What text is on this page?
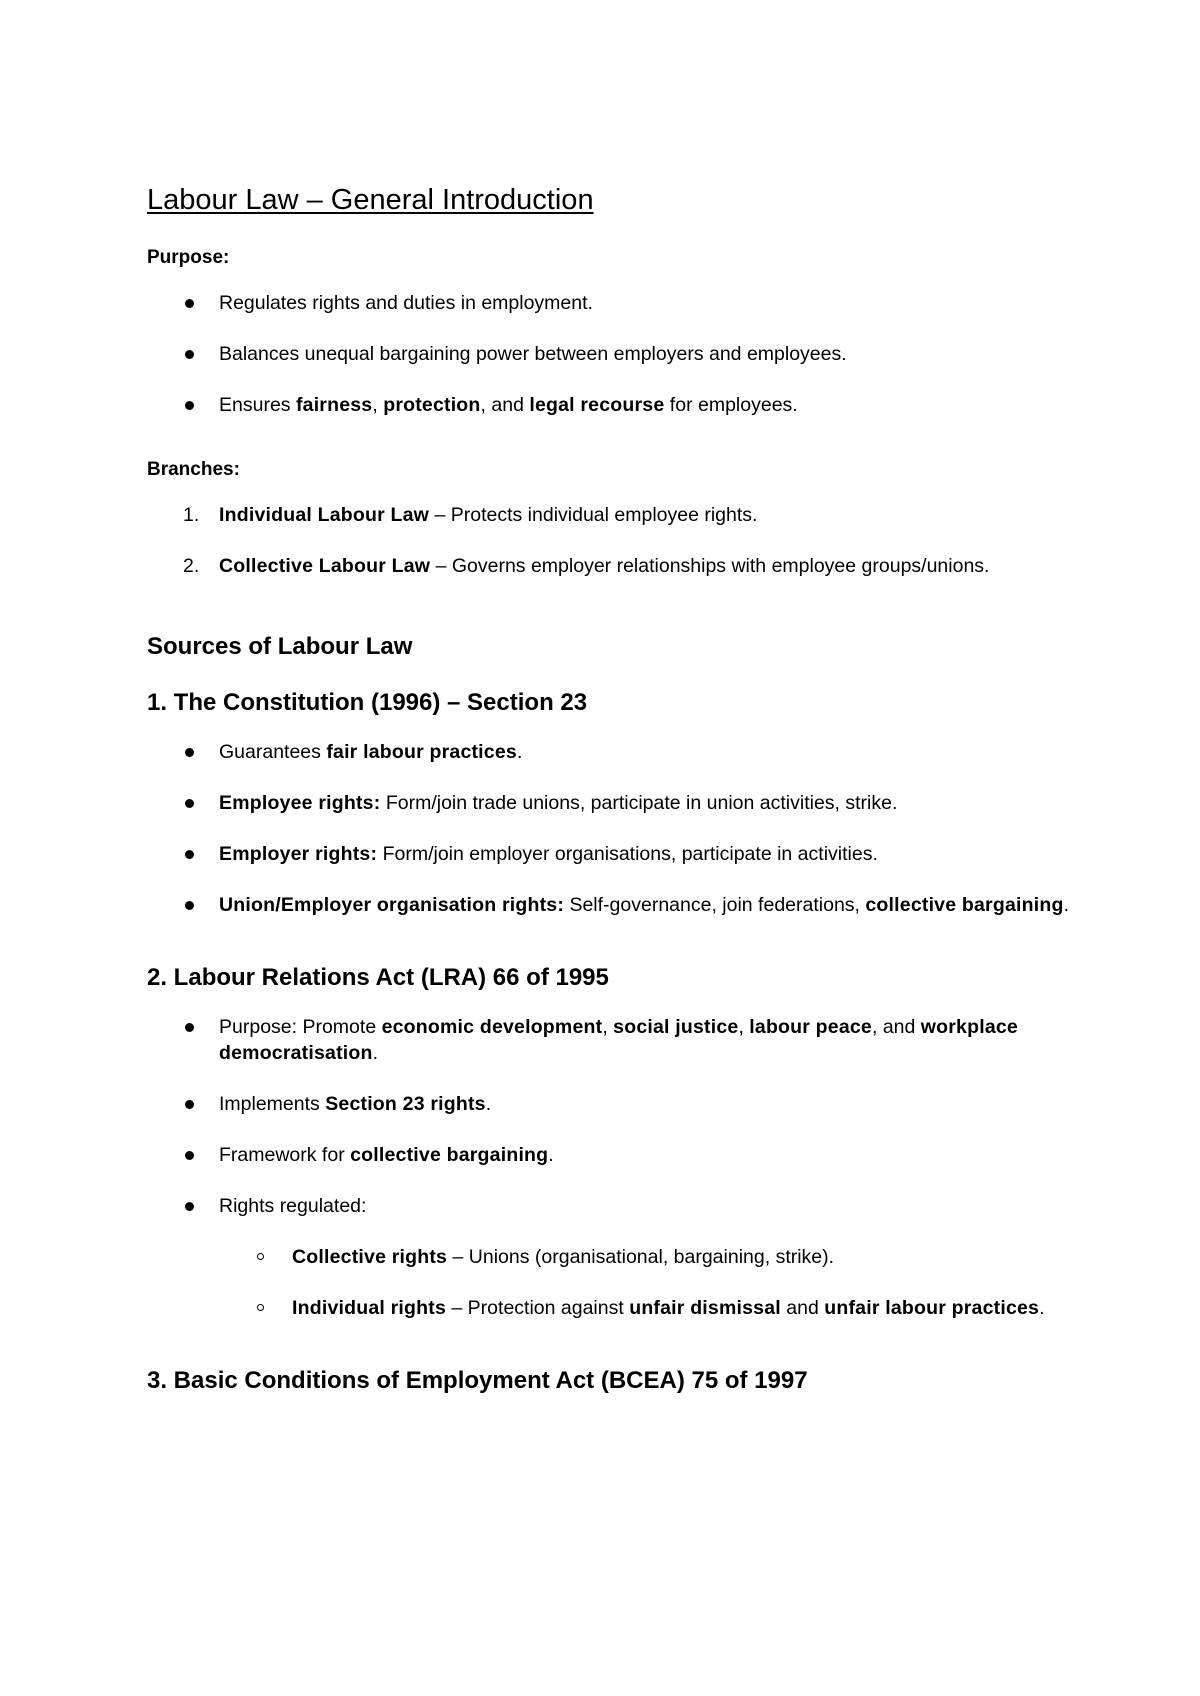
Labour Law – General Introduction
Purpose:
Regulates rights and duties in employment.
Balances unequal bargaining power between employers and employees.
Ensures fairness, protection, and legal recourse for employees.
Branches:
1. Individual Labour Law – Protects individual employee rights.
2. Collective Labour Law – Governs employer relationships with employee groups/unions.
Sources of Labour Law
1. The Constitution (1996) – Section 23
Guarantees fair labour practices.
Employee rights: Form/join trade unions, participate in union activities, strike.
Employer rights: Form/join employer organisations, participate in activities.
Union/Employer organisation rights: Self-governance, join federations, collective bargaining.
2. Labour Relations Act (LRA) 66 of 1995
Purpose: Promote economic development, social justice, labour peace, and workplace democratisation.
Implements Section 23 rights.
Framework for collective bargaining.
Rights regulated:
Collective rights – Unions (organisational, bargaining, strike).
Individual rights – Protection against unfair dismissal and unfair labour practices.
3. Basic Conditions of Employment Act (BCEA) 75 of 1997
